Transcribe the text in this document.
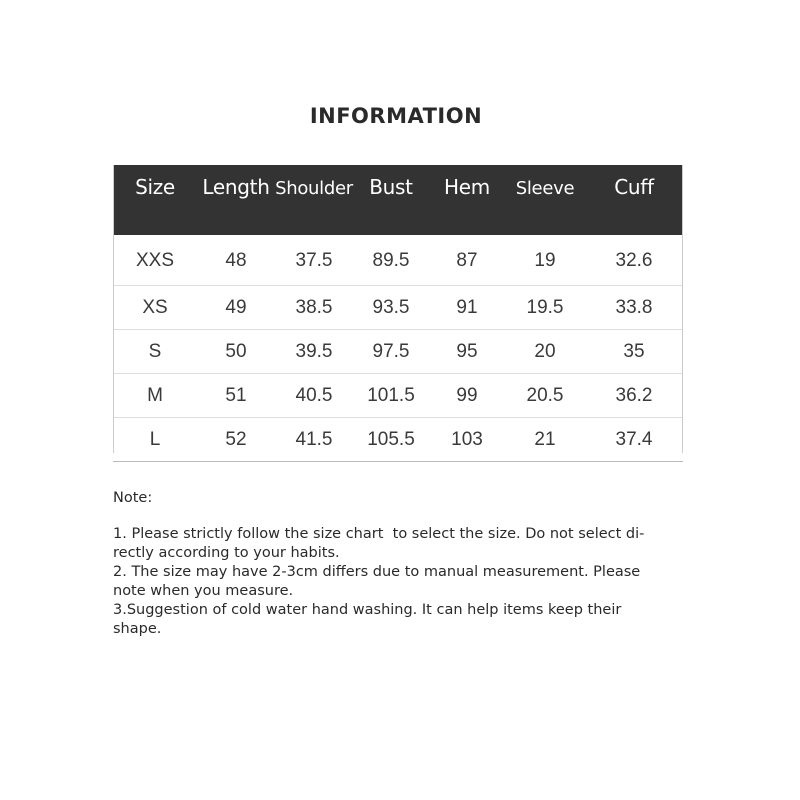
INFORMATION
Size	Length	Shoulder	Bust	Hem	Sleeve	Cuff
XXS	48	37.5	89.5	87	19	32.6
XS	49	38.5	93.5	91	19.5	33.8
S	50	39.5	97.5	95	20	35
M	51	40.5	101.5	99	20.5	36.2
L	52	41.5	105.5	103	21	37.4

Note:

1. Please strictly follow the size chart  to select the size. Do not select di-

rectly according to your habits.

2. The size may have 2-3cm differs due to manual measurement. Please

note when you measure.

3.Suggestion of cold water hand washing. It can help items keep their

shape.
